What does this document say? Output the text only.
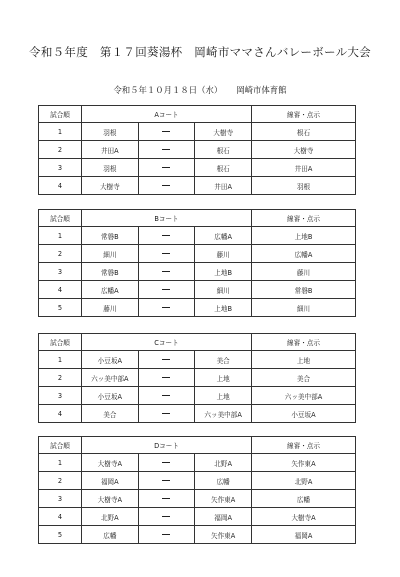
令和５年度　第１７回葵湯杯　岡崎市ママさんバレーボール大会
令和５年１０月１８日（水） 岡崎市体育館
試合順	Aコート			線審・点示
1	羽根		大樹寺	根石
2	井田A		根石	大樹寺
3	羽根		根石	井田A
4	大樹寺		井田A	羽根
試合順	Bコート			線審・点示
1	常磐B		広幡A	上地B
2	細川		藤川	広幡A
3	常磐B		上地B	藤川
4	広幡A		細川	常磐B
5	藤川		上地B	細川
試合順	Cコート			線審・点示
1	小豆坂A		美合	上地
2	六ッ美中部A		上地	美合
3	小豆坂A		上地	六ッ美中部A
4	美合		六ッ美中部A	小豆坂A
試合順	Dコート			線審・点示
1	大樹寺A		北野A	矢作東A
2	福岡A		広幡	北野A
3	大樹寺A		矢作東A	広幡
4	北野A		福岡A	大樹寺A
5	広幡		矢作東A	福岡A
